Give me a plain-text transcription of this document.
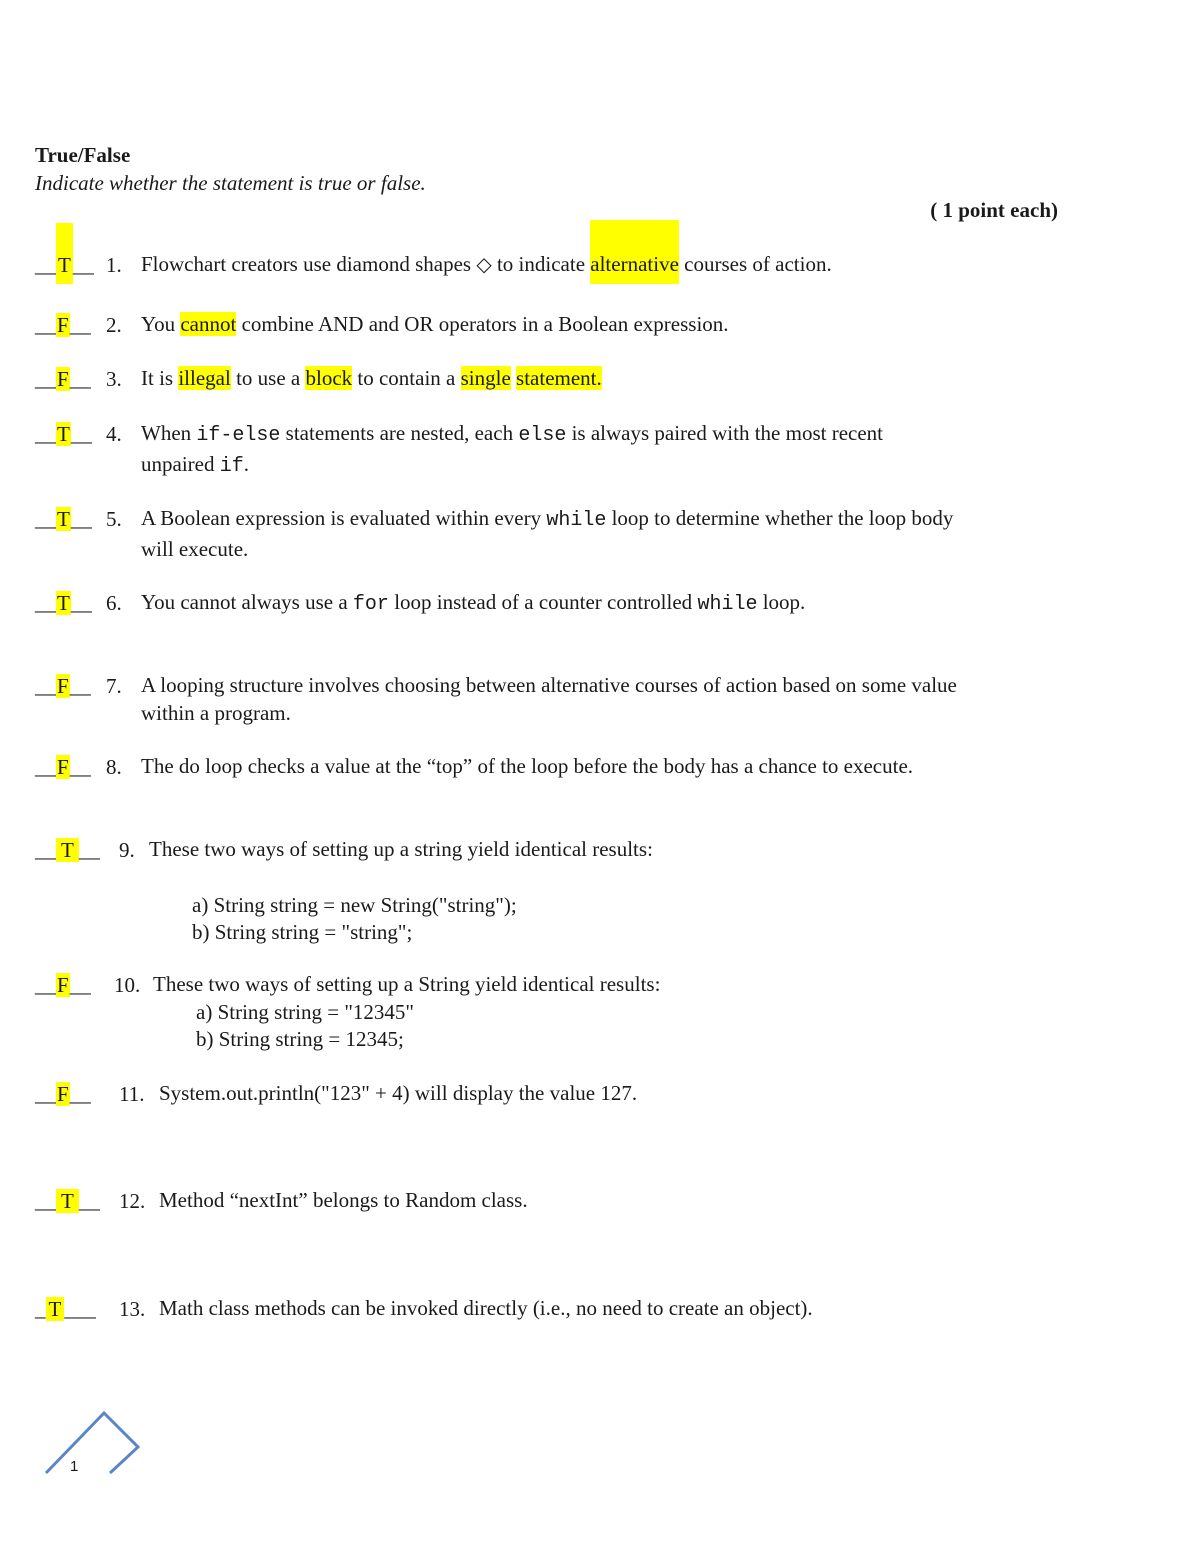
True/False
Indicate whether the statement is true or false.
( 1 point each)
__T__ 1. Flowchart creators use diamond shapes ◇ to indicate alternative courses of action.
__F__ 2. You cannot combine AND and OR operators in a Boolean expression.
__F__ 3. It is illegal to use a block to contain a single statement.
__T__ 4. When if-else statements are nested, each else is always paired with the most recent
unpaired if.
__T__ 5. A Boolean expression is evaluated within every while loop to determine whether the loop body
will execute.
__T__ 6. You cannot always use a for loop instead of a counter controlled while loop.
__F__ 7. A looping structure involves choosing between alternative courses of action based on some value
within a program.
__F__ 8. The do loop checks a value at the “top” of the loop before the body has a chance to execute.
__ T __ 9. These two ways of setting up a string yield identical results:
a) String string = new String("string");
b) String string = "string";
__F__ 10. These two ways of setting up a String yield identical results:
a) String string = "12345"
b) String string = 12345;
__F__ 11. System.out.println("123" + 4) will display the value 127.
__ T __ 12. Method “nextInt” belongs to Random class.
_ T ___ 13. Math class methods can be invoked directly (i.e., no need to create an object).
1
